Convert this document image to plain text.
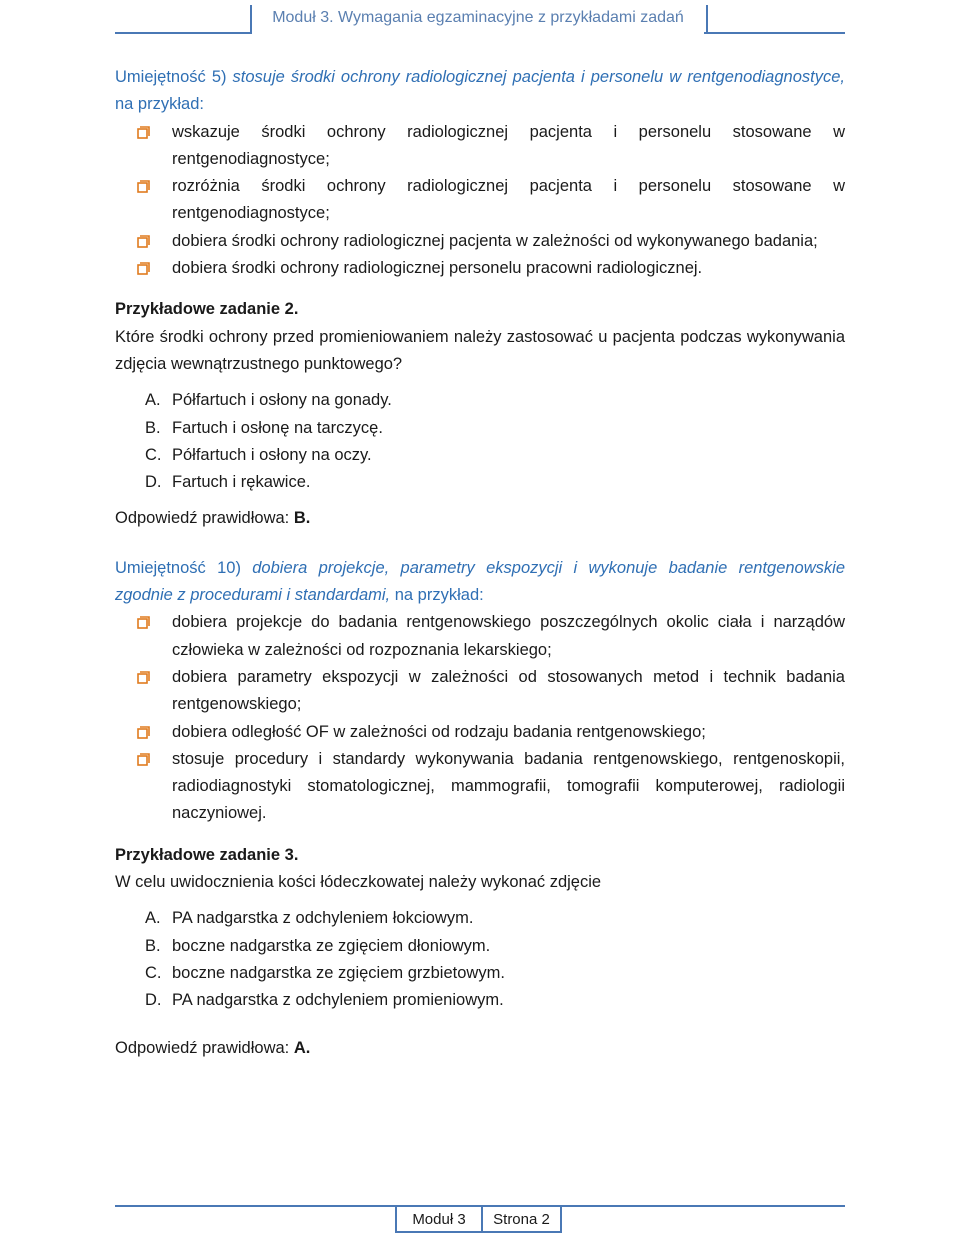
Moduł 3. Wymagania egzaminacyjne z przykładami zadań

Umiejętność 5) stosuje środki ochrony radiologicznej pacjenta i personelu w rentgenodiagnostyce, na przykład:

wskazuje środki ochrony radiologicznej pacjenta i personelu stosowane w rentgenodiagnostyce;
rozróżnia środki ochrony radiologicznej pacjenta i personelu stosowane w rentgenodiagnostyce;
dobiera środki ochrony radiologicznej pacjenta w zależności od wykonywanego badania;
dobiera środki ochrony radiologicznej personelu pracowni radiologicznej.

Przykładowe zadanie 2.

Które środki ochrony przed promieniowaniem należy zastosować u pacjenta podczas wykonywania zdjęcia wewnątrzustnego punktowego?

A. Półfartuch i osłony na gonady.
B. Fartuch i osłonę na tarczycę.
C. Półfartuch i osłony na oczy.
D. Fartuch i rękawice.

Odpowiedź prawidłowa: B.

Umiejętność 10) dobiera projekcje, parametry ekspozycji i wykonuje badanie rentgenowskie zgodnie z procedurami i standardami, na przykład:

dobiera projekcje do badania rentgenowskiego poszczególnych okolic ciała i narządów człowieka w zależności od rozpoznania lekarskiego;
dobiera parametry ekspozycji w zależności od stosowanych metod i technik badania rentgenowskiego;
dobiera odległość OF w zależności od rodzaju badania rentgenowskiego;
stosuje procedury i standardy wykonywania badania rentgenowskiego, rentgenoskopii, radiodiagnostyki stomatologicznej, mammografii, tomografii komputerowej, radiologii naczyniowej.

Przykładowe zadanie 3.

W celu uwidocznienia kości łódeczkowatej należy wykonać zdjęcie

A. PA nadgarstka z odchyleniem łokciowym.
B. boczne nadgarstka ze zgięciem dłoniowym.
C. boczne nadgarstka ze zgięciem grzbietowym.
D. PA nadgarstka z odchyleniem promieniowym.

Odpowiedź prawidłowa: A.

Moduł 3	Strona 2
